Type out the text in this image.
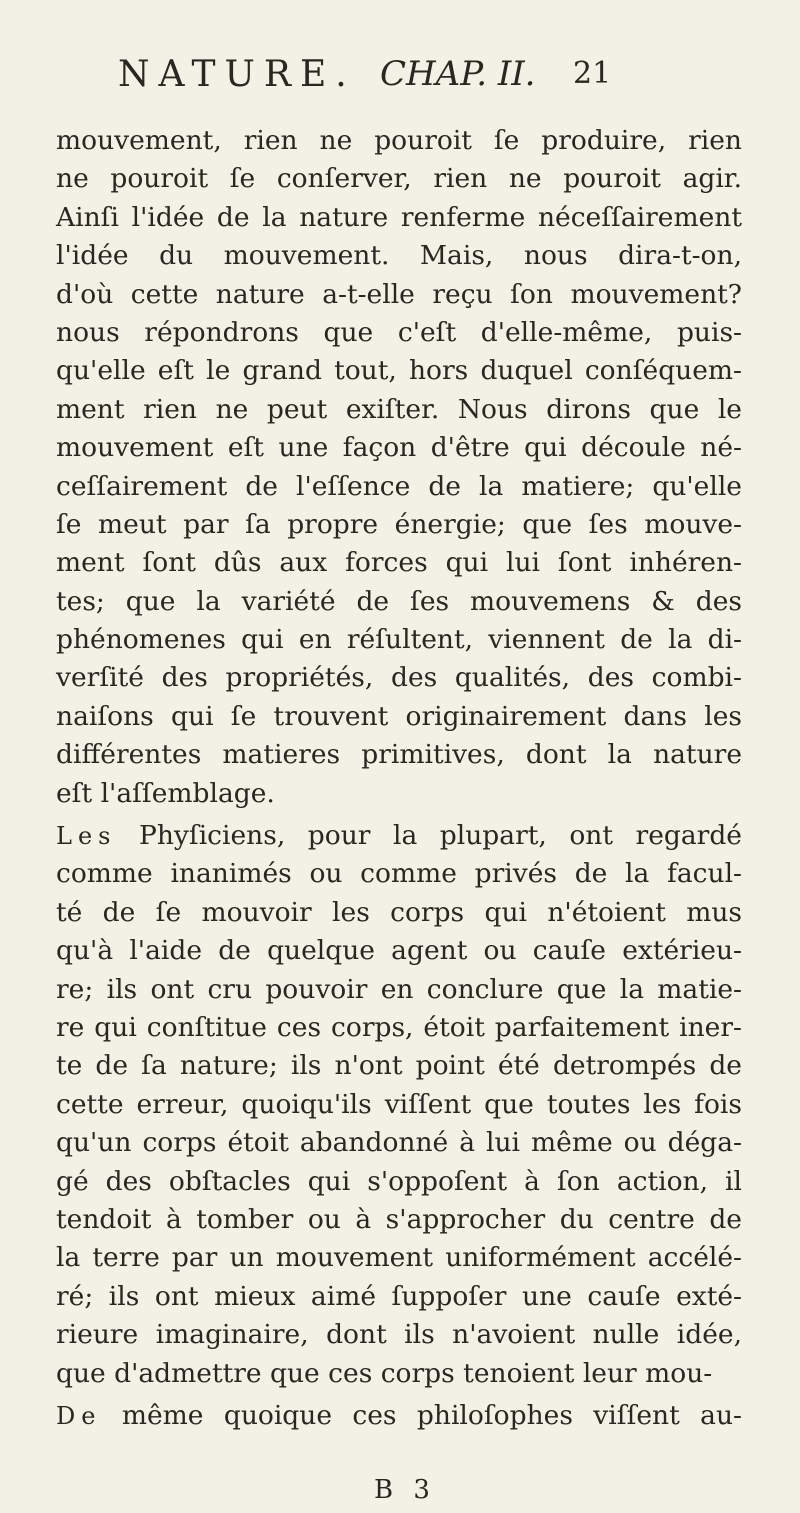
NATURE. CHAP. II. 21
mouvement, rien ne pouroit ſe produire, rien
ne pouroit ſe conſerver, rien ne pouroit agir.
Ainſi l'idée de la nature renferme néceſſairement
l'idée du mouvement. Mais, nous dira-t-on,
d'où cette nature a-t-elle reçu ſon mouvement?
nous répondrons que c'eſt d'elle-même, puis-
qu'elle eſt le grand tout, hors duquel conſéquem-
ment rien ne peut exiſter. Nous dirons que le
mouvement eſt une façon d'être qui découle né-
ceſſairement de l'eſſence de la matiere; qu'elle
ſe meut par ſa propre énergie; que ſes mouve-
ment ſont dûs aux forces qui lui ſont inhéren-
tes; que la variété de ſes mouvemens & des
phénomenes qui en réſultent, viennent de la di-
verſité des propriétés, des qualités, des combi-
naiſons qui ſe trouvent originairement dans les
différentes matieres primitives, dont la nature
eſt l'aſſemblage.
Les Phyſiciens, pour la plupart, ont regardé
comme inanimés ou comme privés de la facul-
té de ſe mouvoir les corps qui n'étoient mus
qu'à l'aide de quelque agent ou cauſe extérieu-
re; ils ont cru pouvoir en conclure que la matie-
re qui conſtitue ces corps, étoit parfaitement iner-
te de ſa nature; ils n'ont point été detrompés de
cette erreur, quoiqu'ils viſſent que toutes les fois
qu'un corps étoit abandonné à lui même ou déga-
gé des obſtacles qui s'oppoſent à ſon action, il
tendoit à tomber ou à s'approcher du centre de
la terre par un mouvement uniformément accélé-
ré; ils ont mieux aimé ſuppoſer une cauſe exté-
rieure imaginaire, dont ils n'avoient nulle idée,
que d'admettre que ces corps tenoient leur mou-
De même quoique ces philoſophes viſſent au-
B 3
